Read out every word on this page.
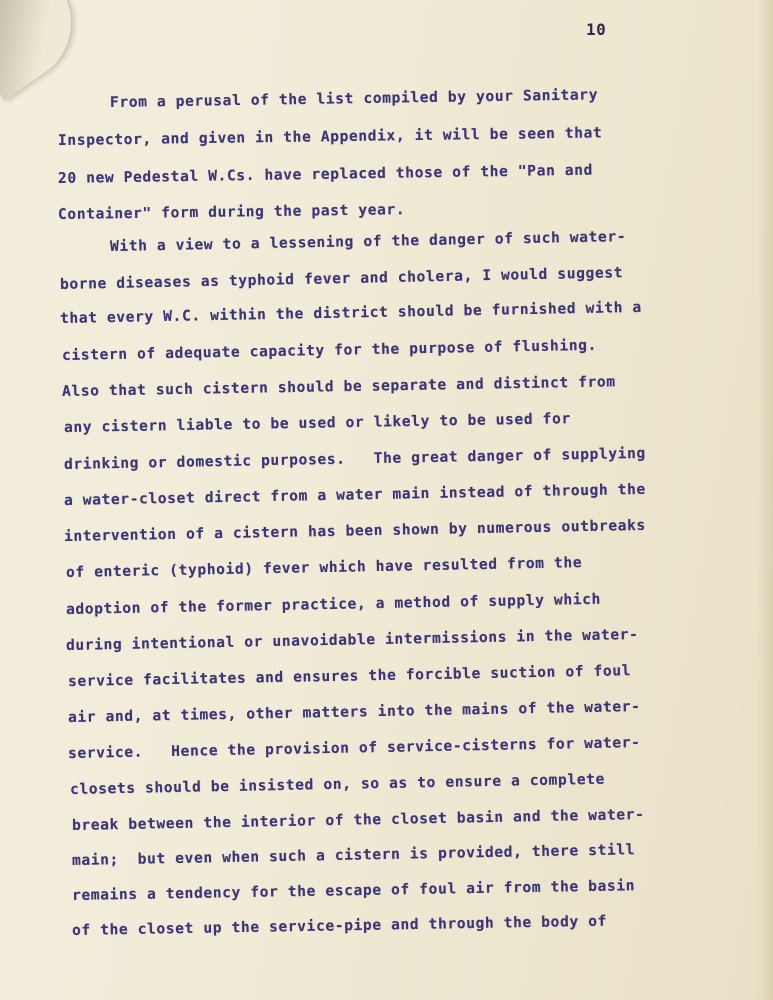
10
From a perusal of the list compiled by your Sanitary
Inspector, and given in the Appendix, it will be seen that
20 new Pedestal W.Cs. have replaced those of the "Pan and
Container" form during the past year.
With a view to a lessening of the danger of such water-
borne diseases as typhoid fever and cholera, I would suggest
that every W.C. within the district should be furnished with a
cistern of adequate capacity for the purpose of flushing.
Also that such cistern should be separate and distinct from
any cistern liable to be used or likely to be used for
drinking or domestic purposes.   The great danger of supplying
a water-closet direct from a water main instead of through the
intervention of a cistern has been shown by numerous outbreaks
of enteric (typhoid) fever which have resulted from the
adoption of the former practice, a method of supply which
during intentional or unavoidable intermissions in the water-
service facilitates and ensures the forcible suction of foul
air and, at times, other matters into the mains of the water-
service.   Hence the provision of service-cisterns for water-
closets should be insisted on, so as to ensure a complete
break between the interior of the closet basin and the water-
main;  but even when such a cistern is provided, there still
remains a tendency for the escape of foul air from the basin
of the closet up the service-pipe and through the body of
